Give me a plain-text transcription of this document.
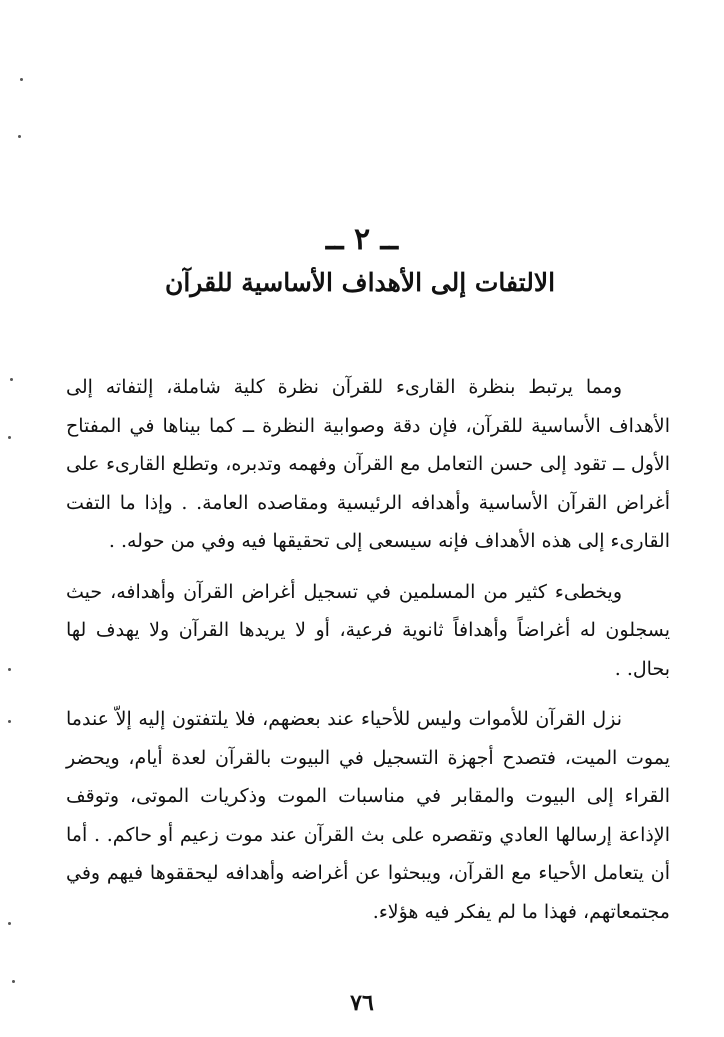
ــ ٢ ــ
الالتفات إلى الأهداف الأساسية للقرآن

ومما يرتبط بنظرة القارىء للقرآن نظرة كلية شاملة، إلتفاته إلى الأهداف الأساسية للقرآن، فإن دقة وصوابية النظرة ــ كما بيناها في المفتاح الأول ــ تقود إلى حسن التعامل مع القرآن وفهمه وتدبره، وتطلع القارىء على أغراض القرآن الأساسية وأهدافه الرئيسية ومقاصده العامة. . وإذا ما التفت القارىء إلى هذه الأهداف فإنه سيسعى إلى تحقيقها فيه وفي من حوله. .

ويخطىء كثير من المسلمين في تسجيل أغراض القرآن وأهدافه، حيث يسجلون له أغراضاً وأهدافاً ثانوية فرعية، أو لا يريدها القرآن ولا يهدف لها بحال. .

نزل القرآن للأموات وليس للأحياء عند بعضهم، فلا يلتفتون إليه إلاّ عندما يموت الميت، فتصدح أجهزة التسجيل في البيوت بالقرآن لعدة أيام، ويحضر القراء إلى البيوت والمقابر في مناسبات الموت وذكريات الموتى، وتوقف الإذاعة إرسالها العادي وتقصره على بث القرآن عند موت زعيم أو حاكم. . أما أن يتعامل الأحياء مع القرآن، ويبحثوا عن أغراضه وأهدافه ليحققوها فيهم وفي مجتمعاتهم، فهذا ما لم يفكر فيه هؤلاء.

٧٦
